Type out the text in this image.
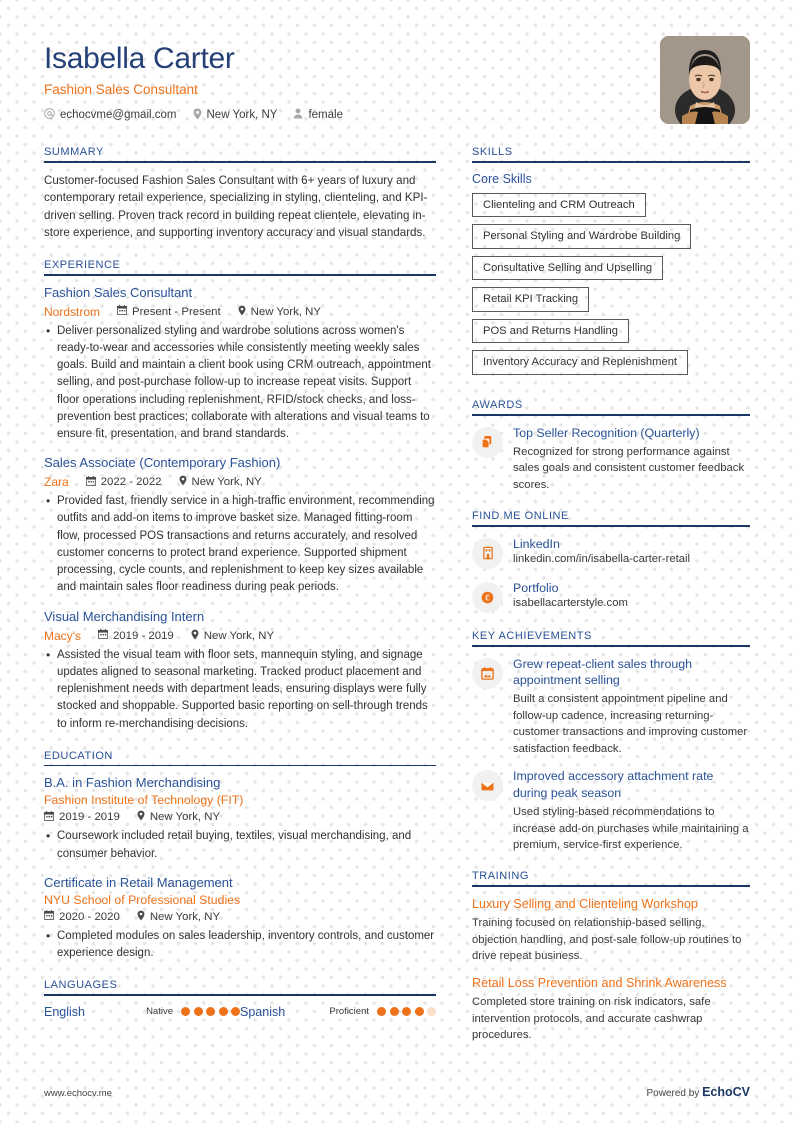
Isabella Carter
Fashion Sales Consultant
echocvme@gmail.com	New York, NY	female
SUMMARY
Customer-focused Fashion Sales Consultant with 6+ years of luxury and contemporary retail experience, specializing in styling, clienteling, and KPI-driven selling. Proven track record in building repeat clientele, elevating in-store experience, and supporting inventory accuracy and visual standards.
EXPERIENCE
Fashion Sales Consultant
Nordstrom	Present - Present	New York, NY
• Deliver personalized styling and wardrobe solutions across women's ready-to-wear and accessories while consistently meeting weekly sales goals. Build and maintain a client book using CRM outreach, appointment selling, and post-purchase follow-up to increase repeat visits. Support floor operations including replenishment, RFID/stock checks, and loss-prevention best practices; collaborate with alterations and visual teams to ensure fit, presentation, and brand standards.
Sales Associate (Contemporary Fashion)
Zara	2022 - 2022	New York, NY
• Provided fast, friendly service in a high-traffic environment, recommending outfits and add-on items to improve basket size. Managed fitting-room flow, processed POS transactions and returns accurately, and resolved customer concerns to protect brand experience. Supported shipment processing, cycle counts, and replenishment to keep key sizes available and maintain sales floor readiness during peak periods.
Visual Merchandising Intern
Macy's	2019 - 2019	New York, NY
• Assisted the visual team with floor sets, mannequin styling, and signage updates aligned to seasonal marketing. Tracked product placement and replenishment needs with department leads, ensuring displays were fully stocked and shoppable. Supported basic reporting on sell-through trends to inform re-merchandising decisions.
EDUCATION
B.A. in Fashion Merchandising
Fashion Institute of Technology (FIT)
2019 - 2019	New York, NY
• Coursework included retail buying, textiles, visual merchandising, and consumer behavior.
Certificate in Retail Management
NYU School of Professional Studies
2020 - 2020	New York, NY
• Completed modules on sales leadership, inventory controls, and customer experience design.
LANGUAGES
English	Native	Spanish	Proficient
SKILLS
Core Skills
Clienteling and CRM Outreach
Personal Styling and Wardrobe Building
Consultative Selling and Upselling
Retail KPI Tracking
POS and Returns Handling
Inventory Accuracy and Replenishment
AWARDS
Top Seller Recognition (Quarterly)
Recognized for strong performance against sales goals and consistent customer feedback scores.
FIND ME ONLINE
LinkedIn
linkedin.com/in/isabella-carter-retail
€
Portfolio
isabellacarterstyle.com
KEY ACHIEVEMENTS
Grew repeat-client sales through appointment selling
Built a consistent appointment pipeline and follow-up cadence, increasing returning-customer transactions and improving customer satisfaction feedback.
Improved accessory attachment rate during peak season
Used styling-based recommendations to increase add-on purchases while maintaining a premium, service-first experience.
TRAINING
Luxury Selling and Clienteling Workshop
Training focused on relationship-based selling, objection handling, and post-sale follow-up routines to drive repeat business.
Retail Loss Prevention and Shrink Awareness
Completed store training on risk indicators, safe intervention protocols, and accurate cashwrap procedures.
www.echocv.me	Powered by EchoCV
